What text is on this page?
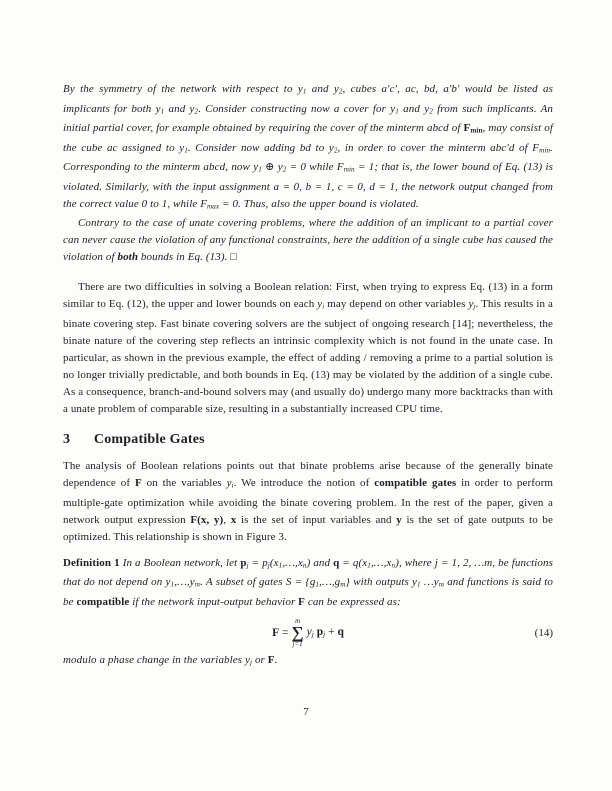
By the symmetry of the network with respect to $y_1$ and $y_2$, cubes a′c′, ac, bd, a′b′ would be listed as implicants for both $y_1$ and $y_2$. Consider constructing now a cover for $y_1$ and $y_2$ from such implicants. An initial partial cover, for example obtained by requiring the cover of the minterm abcd of $F_{min}$, may consist of the cube ac assigned to $y_1$. Consider now adding bd to $y_2$, in order to cover the minterm abc′d of $F_{min}$. Corresponding to the minterm abcd, now $y_1$ ⊕ $y_2 = 0$ while $F_{min} = 1$; that is, the lower bound of Eq. (13) is violated. Similarly, with the input assignment a = 0, b = 1, c = 0, d = 1, the network output changed from the correct value 0 to 1, while $F_{max} = 0$. Thus, also the upper bound is violated.

Contrary to the case of unate covering problems, where the addition of an implicant to a partial cover can never cause the violation of any functional constraints, here the addition of a single cube has caused the violation of both bounds in Eq. (13). □

There are two difficulties in solving a Boolean relation: First, when trying to express Eq. (13) in a form similar to Eq. (12), the upper and lower bounds on each $y_i$ may depend on other variables $y_j$. This results in a binate covering step. Fast binate covering solvers are the subject of ongoing research [14]; nevertheless, the binate nature of the covering step reflects an intrinsic complexity which is not found in the unate case. In particular, as shown in the previous example, the effect of adding / removing a prime to a partial solution is no longer trivially predictable, and both bounds in Eq. (13) may be violated by the addition of a single cube. As a consequence, branch-and-bound solvers may (and usually do) undergo many more backtracks than with a unate problem of comparable size, resulting in a substantially increased CPU time.

3 Compatible Gates

The analysis of Boolean relations points out that binate problems arise because of the generally binate dependence of F on the variables $y_i$. We introduce the notion of compatible gates in order to perform multiple-gate optimization while avoiding the binate covering problem. In the rest of the paper, given a network output expression F(x, y), x is the set of input variables and y is the set of gate outputs to be optimized. This relationship is shown in Figure 3.

Definition 1 In a Boolean network, let $p_j$ = $p_j(x_1,\dots,x_n)$ and $q = q(x_1,\dots,x_n)$, where j = 1, 2, …m, be functions that do not depend on $y_1,\dots,y_m$. A subset of gates $S = \{g_1,\dots,g_m\}$ with outputs $y_1$ $\dots y_m$ and functions is said to be compatible if the network input-output behavior F can be expressed as:

F =
m
∑
j=1
$y_j$ $p_j + q$	(14)

modulo a phase change in the variables $y_j$ or F.

7
